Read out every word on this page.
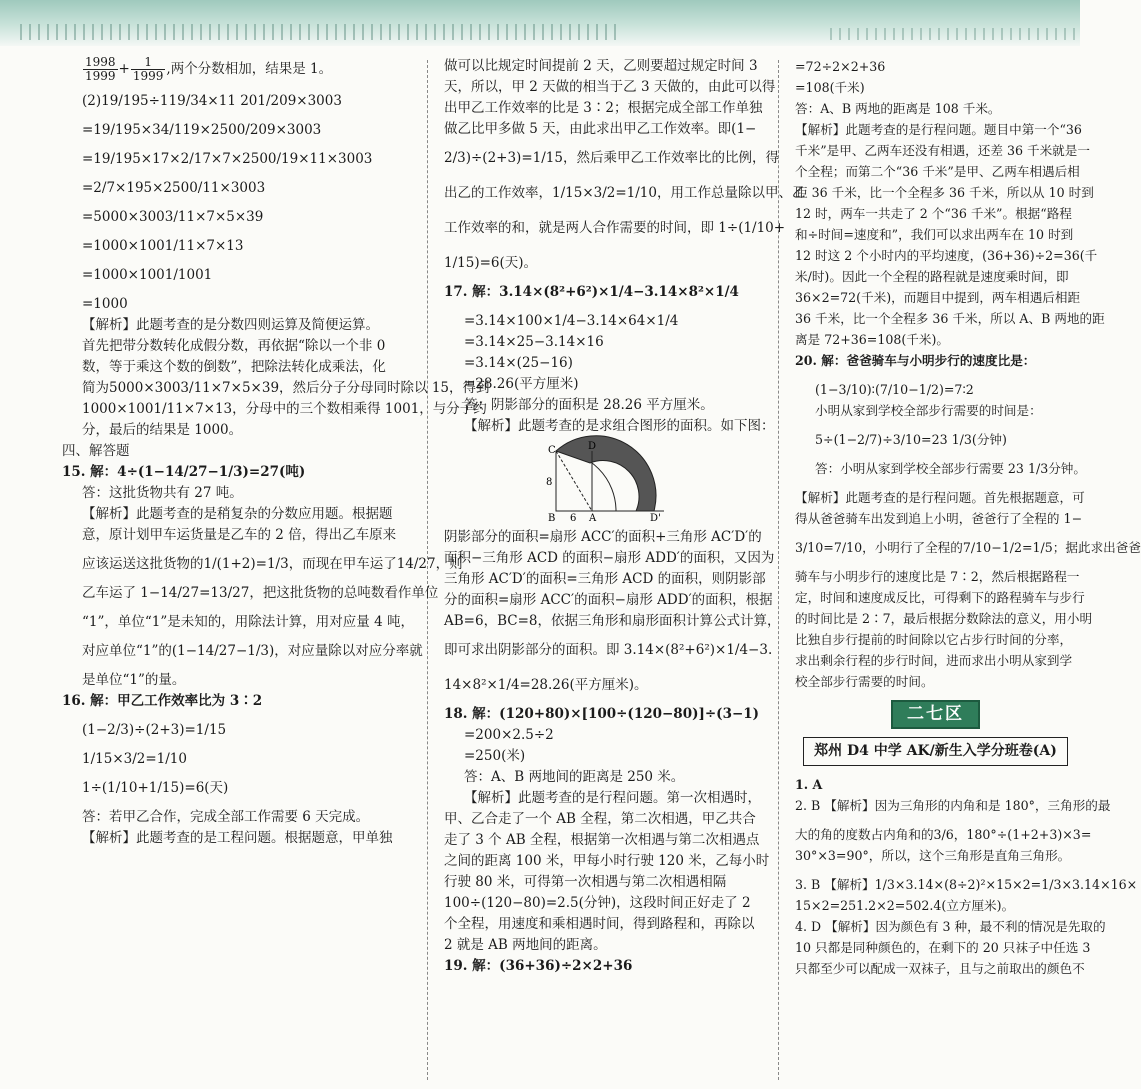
$\frac{1998}{1999} + \frac{1}{1999}$ ,两个分数相加，结果是 1。

(2)19/195÷119/34×11 201/209×3003

=19/195×34/119×2500/209×3003

=19/195×17×2/17×7×2500/19×11×3003

=2/7×195×2500/11×3003

=5000×3003/11×7×5×39

=1000×1001/11×7×13

=1000×1001/1001

=1000

【解析】此题考查的是分数四则运算及简便运算。

首先把带分数转化成假分数，再依据“除以一个非 0

数，等于乘这个数的倒数”，把除法转化成乘法，化

简为5000×3003/11×7×5×39，然后分子分母同时除以 15，得到

1000×1001/11×7×13，分母中的三个数相乘得 1001，与分子约

分，最后的结果是 1000。

四、解答题

15. 解：4÷(1−14/27−1/3)=27(吨)

答：这批货物共有 27 吨。

【解析】此题考查的是稍复杂的分数应用题。根据题

意，原计划甲车运货量是乙车的 2 倍，得出乙车原来

应该运送这批货物的1/(1+2)=1/3，而现在甲车运了14/27，则

乙车运了 1−14/27=13/27，把这批货物的总吨数看作单位

“1”，单位“1”是未知的，用除法计算，用对应量 4 吨，

对应单位“1”的(1−14/27−1/3)，对应量除以对应分率就

是单位“1”的量。

16. 解：甲乙工作效率比为 3∶2

(1−2/3)÷(2+3)=1/15

1/15×3/2=1/10

1÷(1/10+1/15)=6(天)

答：若甲乙合作，完成全部工作需要 6 天完成。

【解析】此题考查的是工程问题。根据题意，甲单独

做可以比规定时间提前 2 天，乙则要超过规定时间 3

天，所以，甲 2 天做的相当于乙 3 天做的，由此可以得

出甲乙工作效率的比是 3∶2；根据完成全部工作单独

做乙比甲多做 5 天，由此求出甲乙工作效率。即(1−

2/3)÷(2+3)=1/15，然后乘甲乙工作效率比的比例，得

出乙的工作效率，1/15×3/2=1/10，用工作总量除以甲、乙

工作效率的和，就是两人合作需要的时间，即 1÷(1/10+

1/15)=6(天)。

17. 解：3.14×(8²+6²)×1/4−3.14×8²×1/4

=3.14×100×1/4−3.14×64×1/4

=3.14×25−3.14×16

=3.14×(25−16)

=28.26(平方厘米)

答：阴影部分的面积是 28.26 平方厘米。

【解析】此题考查的是求组合图形的面积。如下图：

C	D
B	A	D'
8
6

阴影部分的面积=扇形 ACC′的面积+三角形 AC′D′的

面积−三角形 ACD 的面积−扇形 ADD′的面积，又因为

三角形 AC′D′的面积=三角形 ACD 的面积，则阴影部

分的面积=扇形 ACC′的面积−扇形 ADD′的面积，根据

AB=6，BC=8，依据三角形和扇形面积计算公式计算，

即可求出阴影部分的面积。即 3.14×(8²+6²)×1/4−3.

14×8²×1/4=28.26(平方厘米)。

18. 解：(120+80)×[100÷(120−80)]÷(3−1)

=200×2.5÷2

=250(米)

答：A、B 两地间的距离是 250 米。

【解析】此题考查的是行程问题。第一次相遇时，

甲、乙合走了一个 AB 全程，第二次相遇，甲乙共合

走了 3 个 AB 全程，根据第一次相遇与第二次相遇点

之间的距离 100 米，甲每小时行驶 120 米，乙每小时

行驶 80 米，可得第一次相遇与第二次相遇相隔

100÷(120−80)=2.5(分钟)，这段时间正好走了 2

个全程，用速度和乘相遇时间，得到路程和，再除以

2 就是 AB 两地间的距离。

19. 解：(36+36)÷2×2+36

=72÷2×2+36

=108(千米)

答：A、B 两地的距离是 108 千米。

【解析】此题考查的是行程问题。题目中第一个“36

千米”是甲、乙两车还没有相遇，还差 36 千米就是一

个全程；而第二个“36 千米”是甲、乙两车相遇后相

距 36 千米，比一个全程多 36 千米，所以从 10 时到

12 时，两车一共走了 2 个“36 千米”。根据“路程

和÷时间=速度和”，我们可以求出两车在 10 时到

12 时这 2 个小时内的平均速度，(36+36)÷2=36(千

米/时)。因此一个全程的路程就是速度乘时间，即

36×2=72(千米)，而题目中提到，两车相遇后相距

36 千米，比一个全程多 36 千米，所以 A、B 两地的距

离是 72+36=108(千米)。

20. 解：爸爸骑车与小明步行的速度比是：

(1−3/10)∶(7/10−1/2)=7∶2

小明从家到学校全部步行需要的时间是：

5÷(1−2/7)÷3/10=23 1/3(分钟)

答：小明从家到学校全部步行需要 23 1/3分钟。

【解析】此题考查的是行程问题。首先根据题意，可

得从爸爸骑车出发到追上小明，爸爸行了全程的 1−

3/10=7/10，小明行了全程的7/10−1/2=1/5；据此求出爸爸

骑车与小明步行的速度比是 7∶2，然后根据路程一

定，时间和速度成反比，可得剩下的路程骑车与步行

的时间比是 2∶7，最后根据分数除法的意义，用小明

比独自步行提前的时间除以它占步行时间的分率，

求出剩余行程的步行时间，进而求出小明从家到学

校全部步行需要的时间。

二七区
郑州 D4 中学 AK/新生入学分班卷(A)

1. A

2. B 【解析】因为三角形的内角和是 180°，三角形的最

大的角的度数占内角和的3/6，180°÷(1+2+3)×3=

30°×3=90°，所以，这个三角形是直角三角形。

3. B 【解析】1/3×3.14×(8÷2)²×15×2=1/3×3.14×16×

15×2=251.2×2=502.4(立方厘米)。

4. D 【解析】因为颜色有 3 种，最不利的情况是先取的

10 只都是同种颜色的，在剩下的 20 只袜子中任选 3

只都至少可以配成一双袜子，且与之前取出的颜色不
